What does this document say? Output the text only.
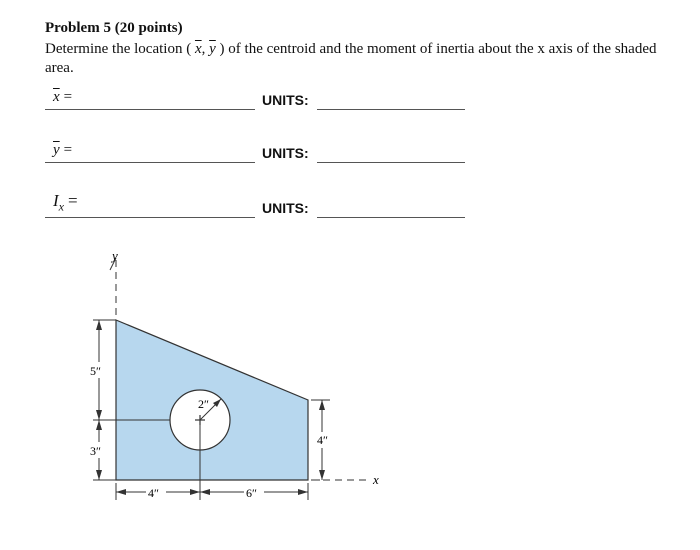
Problem 5 (20 points)
Determine the location ( $\overline{x}$, $\overline{y}$ ) of the centroid and the moment of inertia about the x axis of the shaded area.
$\overline{x}$ =	UNITS:
$\overline{y}$ =	UNITS:
$I_x$ =	UNITS:
y
x
5″
3″
4″	6″
4″
2″
